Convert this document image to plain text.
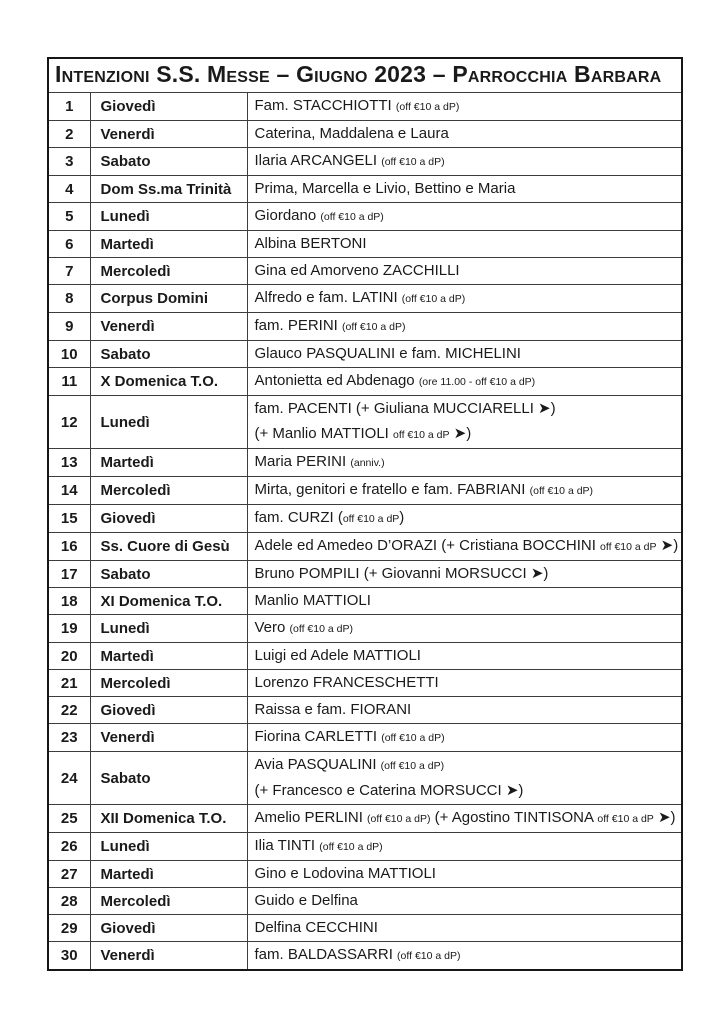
Intenzioni S.S. Messe – Giugno 2023 – Parrocchia Barbara		
1	Giovedì	Fam. STACCHIOTTI (off €10 a dP)

2	Venerdì	Caterina, Maddalena e Laura

3	Sabato	Ilaria ARCANGELI (off €10 a dP)

4	Dom Ss.ma Trinità	Prima, Marcella e Livio, Bettino e Maria

5	Lunedì	Giordano (off €10 a dP)

6	Martedì	Albina BERTONI

7	Mercoledì	Gina ed Amorveno ZACCHILLI

8	Corpus Domini	Alfredo e fam. LATINI (off €10 a dP)

9	Venerdì	fam. PERINI (off €10 a dP)

10	Sabato	Glauco PASQUALINI e fam. MICHELINI

11	X Domenica T.O.	Antonietta ed Abdenago (ore 11.00 - off €10 a dP)

12	Lunedì	fam. PACENTI (+ Giuliana MUCCIARELLI ➤)
(+ Manlio MATTIOLI off €10 a dP ➤)

13	Martedì	Maria PERINI (anniv.)

14	Mercoledì	Mirta, genitori e fratello e fam. FABRIANI (off €10 a dP)

15	Giovedì	fam. CURZI (off €10 a dP)

16	Ss. Cuore di Gesù	Adele ed Amedeo D’ORAZI (+ Cristiana BOCCHINI off €10 a dP ➤)

17	Sabato	Bruno POMPILI (+ Giovanni MORSUCCI ➤)

18	XI Domenica T.O.	Manlio MATTIOLI

19	Lunedì	Vero (off €10 a dP)

20	Martedì	Luigi ed Adele MATTIOLI

21	Mercoledì	Lorenzo FRANCESCHETTI

22	Giovedì	Raissa e fam. FIORANI

23	Venerdì	Fiorina CARLETTI (off €10 a dP)

24	Sabato	Avia PASQUALINI (off €10 a dP)
(+ Francesco e Caterina MORSUCCI ➤)

25	XII Domenica T.O.	Amelio PERLINI (off €10 a dP) (+ Agostino TINTISONA off €10 a dP ➤)

26	Lunedì	Ilia TINTI (off €10 a dP)

27	Martedì	Gino e Lodovina MATTIOLI

28	Mercoledì	Guido e Delfina

29	Giovedì	Delfina CECCHINI

30	Venerdì	fam. BALDASSARRI (off €10 a dP)
